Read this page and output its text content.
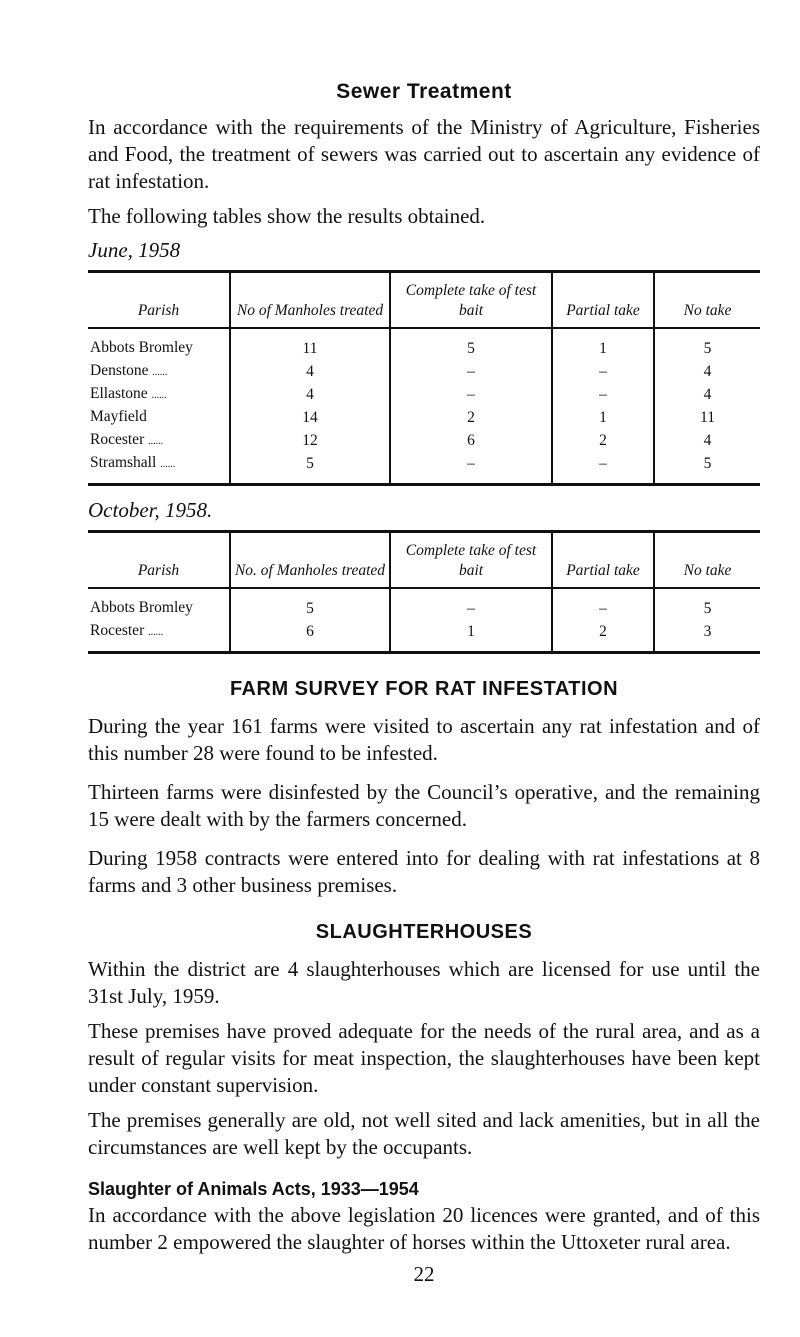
Sewer Treatment

In accordance with the requirements of the Ministry of Agriculture, Fisheries and Food, the treatment of sewers was carried out to ascertain any evidence of rat infestation.

The following tables show the results obtained.

June, 1958
Parish	No of Manholes treated	Complete take of test bait	Partial take	No take

Abbots Bromley	11	5	1	5
Denstone ......	4	–	–	4
Ellastone ......	4	–	–	4
Mayfield	14	2	1	11
Rocester ......	12	6	2	4
Stramshall ......	5	–	–	5

October, 1958.
Parish	No. of Manholes treated	Complete take of test bait	Partial take	No take

Abbots Bromley	5	–	–	5
Rocester ......	6	1	2	3

FARM SURVEY FOR RAT INFESTATION

During the year 161 farms were visited to ascertain any rat infestation and of this number 28 were found to be infested.

Thirteen farms were disinfested by the Council’s operative, and the remaining 15 were dealt with by the farmers concerned.

During 1958 contracts were entered into for dealing with rat infestations at 8 farms and 3 other business premises.

SLAUGHTERHOUSES

Within the district are 4 slaughterhouses which are licensed for use until the 31st July, 1959.

These premises have proved adequate for the needs of the rural area, and as a result of regular visits for meat inspection, the slaughterhouses have been kept under constant supervision.

The premises generally are old, not well sited and lack amenities, but in all the circumstances are well kept by the occupants.

Slaughter of Animals Acts, 1933—1954

In accordance with the above legislation 20 licences were granted, and of this number 2 empowered the slaughter of horses within the Uttoxeter rural area.

22
